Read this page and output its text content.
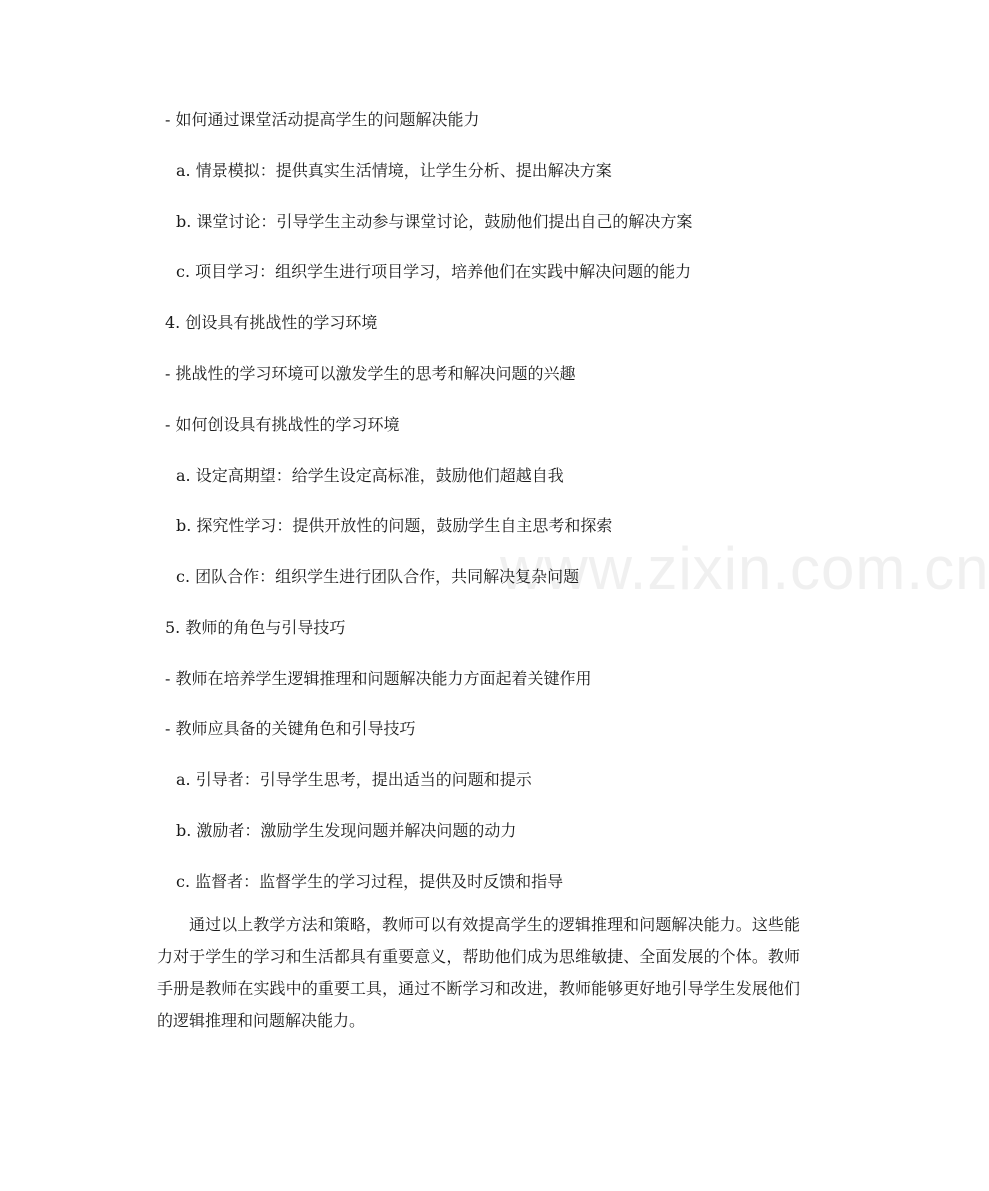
www.zixin.com.cn
- 如何通过课堂活动提高学生的问题解决能力
a. 情景模拟：提供真实生活情境，让学生分析、提出解决方案
b. 课堂讨论：引导学生主动参与课堂讨论，鼓励他们提出自己的解决方案
c. 项目学习：组织学生进行项目学习，培养他们在实践中解决问题的能力
4. 创设具有挑战性的学习环境
- 挑战性的学习环境可以激发学生的思考和解决问题的兴趣
- 如何创设具有挑战性的学习环境
a. 设定高期望：给学生设定高标准，鼓励他们超越自我
b. 探究性学习：提供开放性的问题，鼓励学生自主思考和探索
c. 团队合作：组织学生进行团队合作，共同解决复杂问题
5. 教师的角色与引导技巧
- 教师在培养学生逻辑推理和问题解决能力方面起着关键作用
- 教师应具备的关键角色和引导技巧
a. 引导者：引导学生思考，提出适当的问题和提示
b. 激励者：激励学生发现问题并解决问题的动力
c. 监督者：监督学生的学习过程，提供及时反馈和指导

通过以上教学方法和策略，教师可以有效提高学生的逻辑推理和问题解决能力。这些能力对于学生的学习和生活都具有重要意义，帮助他们成为思维敏捷、全面发展的个体。教师手册是教师在实践中的重要工具，通过不断学习和改进，教师能够更好地引导学生发展他们的逻辑推理和问题解决能力。
